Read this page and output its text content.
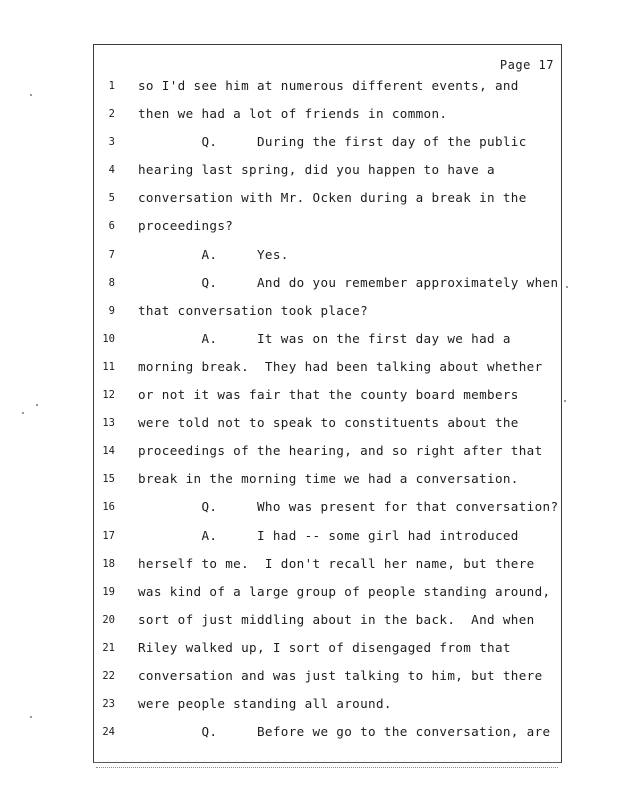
Page 17
1 so I'd see him at numerous different events, and
2 then we had a lot of friends in common.
3 Q.     During the first day of the public
4 hearing last spring, did you happen to have a
5 conversation with Mr. Ocken during a break in the
6 proceedings?
7 A.     Yes.
8 Q.     And do you remember approximately when
9 that conversation took place?
10 A.     It was on the first day we had a
11 morning break.  They had been talking about whether
12 or not it was fair that the county board members
13 were told not to speak to constituents about the
14 proceedings of the hearing, and so right after that
15 break in the morning time we had a conversation.
16 Q.     Who was present for that conversation?
17 A.     I had -- some girl had introduced
18 herself to me.  I don't recall her name, but there
19 was kind of a large group of people standing around,
20 sort of just middling about in the back.  And when
21 Riley walked up, I sort of disengaged from that
22 conversation and was just talking to him, but there
23 were people standing all around.
24 Q.     Before we go to the conversation, are
